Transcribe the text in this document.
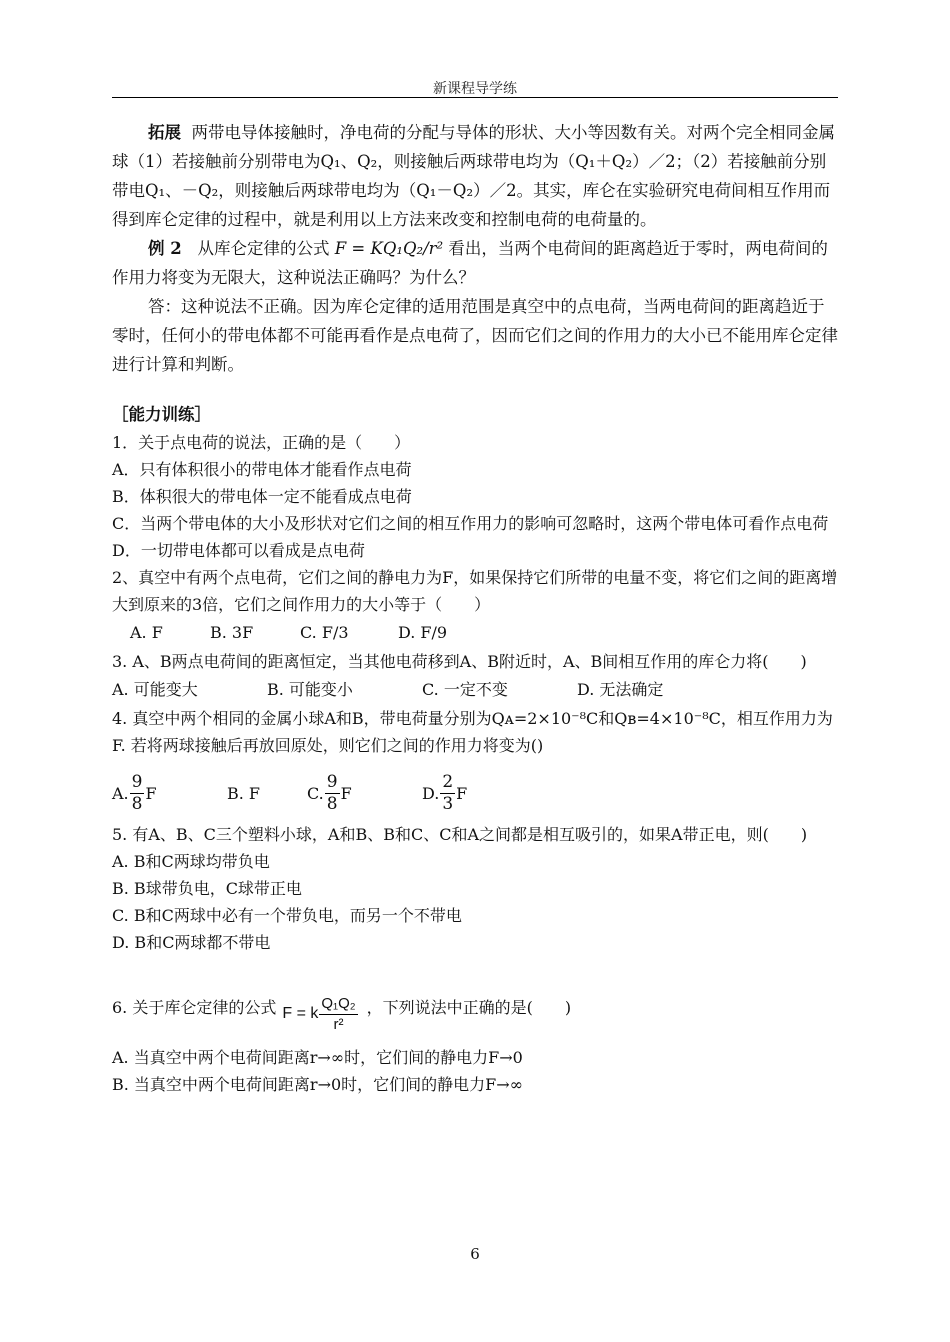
新课程导学练

拓展 两带电导体接触时，净电荷的分配与导体的形状、大小等因数有关。对两个完全相同金属球（1）若接触前分别带电为Q₁、Q₂，则接触后两球带电均为（Q₁＋Q₂）／2；（2）若接触前分别带电Q₁、－Q₂，则接触后两球带电均为（Q₁－Q₂）／2。其实，库仑在实验研究电荷间相互作用而得到库仑定律的过程中，就是利用以上方法来改变和控制电荷的电荷量的。

例 2 从库仑定律的公式 F = KQ₁Q₂/r² 看出，当两个电荷间的距离趋近于零时，两电荷间的作用力将变为无限大，这种说法正确吗？为什么？

答：这种说法不正确。因为库仑定律的适用范围是真空中的点电荷，当两电荷间的距离趋近于零时，任何小的带电体都不可能再看作是点电荷了，因而它们之间的作用力的大小已不能用库仑定律进行计算和判断。

［能力训练］

1．关于点电荷的说法，正确的是（　　）

A．只有体积很小的带电体才能看作点电荷

B．体积很大的带电体一定不能看成点电荷

C．当两个带电体的大小及形状对它们之间的相互作用力的影响可忽略时，这两个带电体可看作点电荷

D．一切带电体都可以看成是点电荷

2、真空中有两个点电荷，它们之间的静电力为F，如果保持它们所带的电量不变，将它们之间的距离增大到原来的3倍，它们之间作用力的大小等于（　　）

A. F	B. 3F	C. F/3	D. F/9

3. A、B两点电荷间的距离恒定，当其他电荷移到A、B附近时，A、B间相互作用的库仑力将(　　)

A. 可能变大	B. 可能变小	C. 一定不变	D. 无法确定

4. 真空中两个相同的金属小球A和B，带电荷量分别为Qᴀ=2×10⁻⁸C和Qʙ=4×10⁻⁸C，相互作用力为F. 若将两球接触后再放回原处，则它们之间的作用力将变为()

A. $\frac{9}{8}$ F	B. F	C. $\frac{9}{8}$ F	D. $\frac{2}{3}$ F

5. 有A、B、C三个塑料小球，A和B、B和C、C和A之间都是相互吸引的，如果A带正电，则(　　)

A. B和C两球均带负电

B. B球带负电，C球带正电

C. B和C两球中必有一个带负电，而另一个不带电

D. B和C两球都不带电

6. 关于库仑定律的公式 F = k $\frac{\text{Q₁Q₂}}{\text{r²}}$ ，下列说法中正确的是(　　)

A. 当真空中两个电荷间距离r→∞时，它们间的静电力F→0

B. 当真空中两个电荷间距离r→0时，它们间的静电力F→∞

6
